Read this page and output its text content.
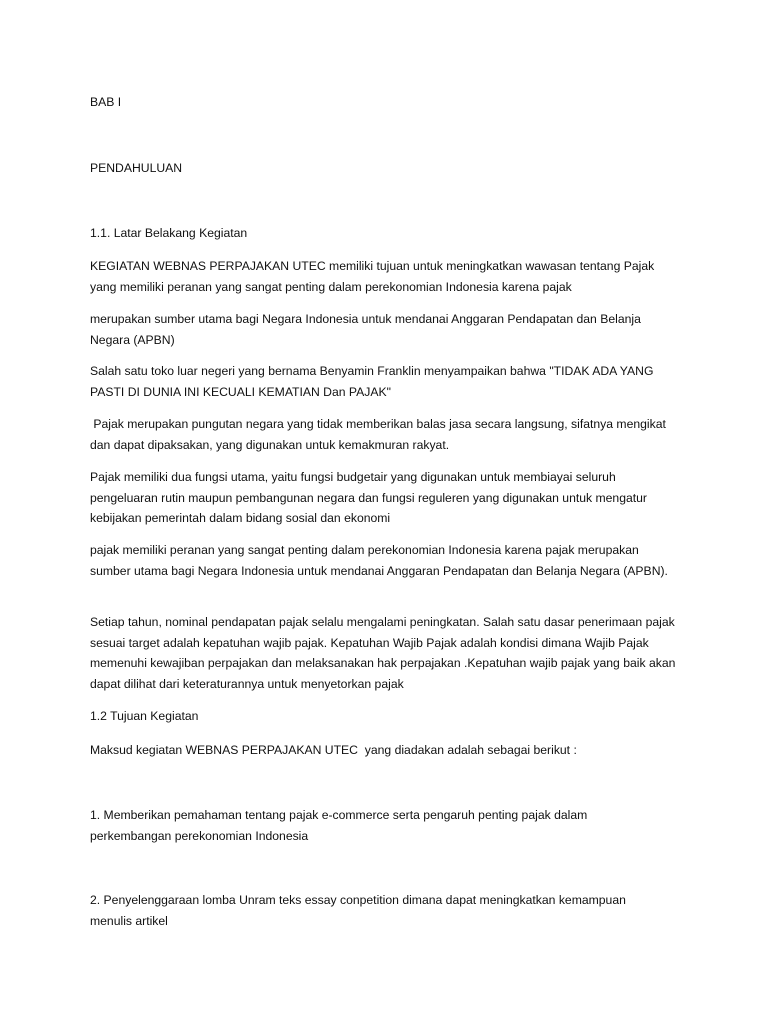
BAB I

PENDAHULUAN

1.1. Latar Belakang Kegiatan

KEGIATAN WEBNAS PERPAJAKAN UTEC memiliki tujuan untuk meningkatkan wawasan tentang Pajak yang memiliki peranan yang sangat penting dalam perekonomian Indonesia karena pajak

merupakan sumber utama bagi Negara Indonesia untuk mendanai Anggaran Pendapatan dan Belanja Negara (APBN)

Salah satu toko luar negeri yang bernama Benyamin Franklin menyampaikan bahwa "TIDAK ADA YANG PASTI DI DUNIA INI KECUALI KEMATIAN Dan PAJAK"

Pajak merupakan pungutan negara yang tidak memberikan balas jasa secara langsung, sifatnya mengikat dan dapat dipaksakan, yang digunakan untuk kemakmuran rakyat.

Pajak memiliki dua fungsi utama, yaitu fungsi budgetair yang digunakan untuk membiayai seluruh pengeluaran rutin maupun pembangunan negara dan fungsi reguleren yang digunakan untuk mengatur kebijakan pemerintah dalam bidang sosial dan ekonomi

pajak memiliki peranan yang sangat penting dalam perekonomian Indonesia karena pajak merupakan sumber utama bagi Negara Indonesia untuk mendanai Anggaran Pendapatan dan Belanja Negara (APBN).

Setiap tahun, nominal pendapatan pajak selalu mengalami peningkatan. Salah satu dasar penerimaan pajak sesuai target adalah kepatuhan wajib pajak. Kepatuhan Wajib Pajak adalah kondisi dimana Wajib Pajak memenuhi kewajiban perpajakan dan melaksanakan hak perpajakan .Kepatuhan wajib pajak yang baik akan dapat dilihat dari keteraturannya untuk menyetorkan pajak

1.2 Tujuan Kegiatan

Maksud kegiatan WEBNAS PERPAJAKAN UTEC  yang diadakan adalah sebagai berikut :

1. Memberikan pemahaman tentang pajak e-commerce serta pengaruh penting pajak dalam perkembangan perekonomian Indonesia

2. Penyelenggaraan lomba Unram teks essay conpetition dimana dapat meningkatkan kemampuan menulis artikel
